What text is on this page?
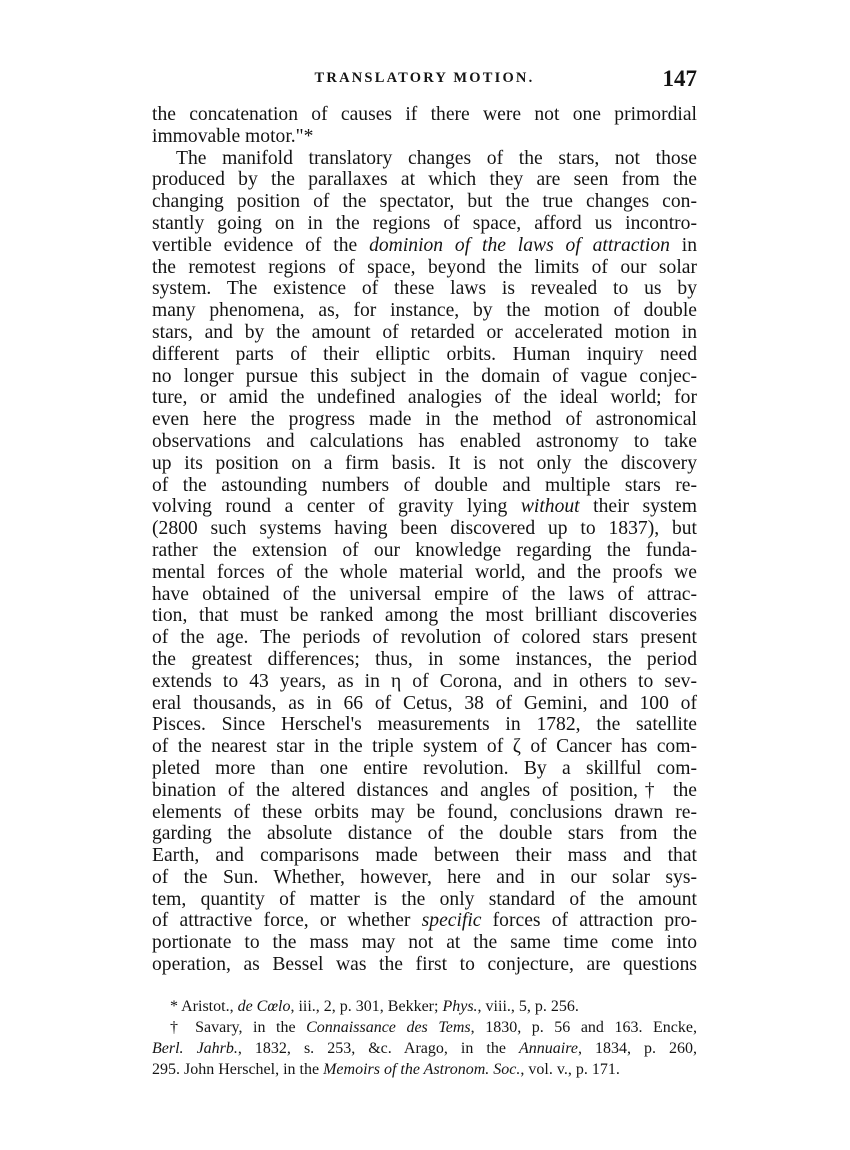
TRANSLATORY MOTION.	147
the concatenation of causes if there were not one primordial
immovable motor."*
The manifold translatory changes of the stars, not those
produced by the parallaxes at which they are seen from the
changing position of the spectator, but the true changes con-
stantly going on in the regions of space, afford us incontro-
vertible evidence of the dominion of the laws of attraction in
the remotest regions of space, beyond the limits of our solar
system. The existence of these laws is revealed to us by
many phenomena, as, for instance, by the motion of double
stars, and by the amount of retarded or accelerated motion in
different parts of their elliptic orbits. Human inquiry need
no longer pursue this subject in the domain of vague conjec-
ture, or amid the undefined analogies of the ideal world; for
even here the progress made in the method of astronomical
observations and calculations has enabled astronomy to take
up its position on a firm basis. It is not only the discovery
of the astounding numbers of double and multiple stars re-
volving round a center of gravity lying without their system
(2800 such systems having been discovered up to 1837), but
rather the extension of our knowledge regarding the funda-
mental forces of the whole material world, and the proofs we
have obtained of the universal empire of the laws of attrac-
tion, that must be ranked among the most brilliant discoveries
of the age. The periods of revolution of colored stars present
the greatest differences; thus, in some instances, the period
extends to 43 years, as in η of Corona, and in others to sev-
eral thousands, as in 66 of Cetus, 38 of Gemini, and 100 of
Pisces. Since Herschel's measurements in 1782, the satellite
of the nearest star in the triple system of ζ of Cancer has com-
pleted more than one entire revolution. By a skillful com-
bination of the altered distances and angles of position,† the
elements of these orbits may be found, conclusions drawn re-
garding the absolute distance of the double stars from the
Earth, and comparisons made between their mass and that
of the Sun. Whether, however, here and in our solar sys-
tem, quantity of matter is the only standard of the amount
of attractive force, or whether specific forces of attraction pro-
portionate to the mass may not at the same time come into
operation, as Bessel was the first to conjecture, are questions
* Aristot., de Cœlo, iii., 2, p. 301, Bekker; Phys., viii., 5, p. 256.
† Savary, in the Connaissance des Tems, 1830, p. 56 and 163. Encke,
Berl. Jahrb., 1832, s. 253, &c. Arago, in the Annuaire, 1834, p. 260,
295. John Herschel, in the Memoirs of the Astronom. Soc., vol. v., p. 171.
